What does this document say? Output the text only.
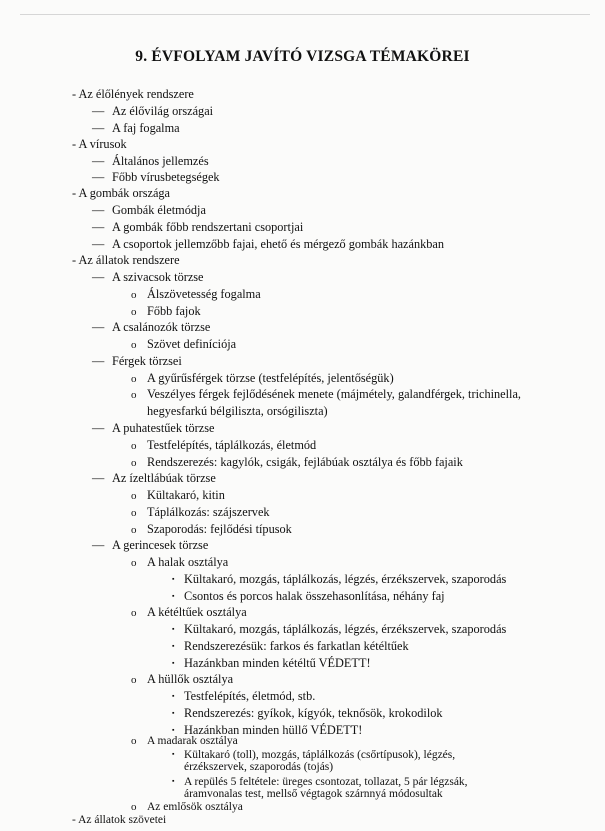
9. ÉVFOLYAM JAVÍTÓ VIZSGA TÉMAKÖREI
- Az élőlények rendszere
— Az élővilág országai
— A faj fogalma
- A vírusok
— Általános jellemzés
— Főbb vírusbetegségek
- A gombák országa
— Gombák életmódja
— A gombák főbb rendszertani csoportjai
— A csoportok jellemzőbb fajai, ehető és mérgező gombák hazánkban
- Az állatok rendszere
— A szivacsok törzse
o Álszövetesség fogalma
o Főbb fajok
— A csalánozók törzse
o Szövet definíciója
— Férgek törzsei
o A gyűrűsférgek törzse (testfelépítés, jelentőségük)
o Veszélyes férgek fejlődésének menete (májmétely, galandférgek, trichinella,
hegyesfarkú bélgiliszta, orsógiliszta)
— A puhatestűek törzse
o Testfelépítés, táplálkozás, életmód
o Rendszerezés: kagylók, csigák, fejlábúak osztálya és főbb fajaik
— Az ízeltlábúak törzse
o Kültakaró, kitin
o Táplálkozás: szájszervek
o Szaporodás: fejlődési típusok
— A gerincesek törzse
o A halak osztálya
▪ Kültakaró, mozgás, táplálkozás, légzés, érzékszervek, szaporodás
▪ Csontos és porcos halak összehasonlítása, néhány faj
o A kétéltűek osztálya
▪ Kültakaró, mozgás, táplálkozás, légzés, érzékszervek, szaporodás
▪ Rendszerezésük: farkos és farkatlan kétéltűek
▪ Hazánkban minden kétéltű VÉDETT!
o A hüllők osztálya
▪ Testfelépítés, életmód, stb.
▪ Rendszerezés: gyíkok, kígyók, teknősök, krokodilok
▪ Hazánkban minden hüllő VÉDETT!
o A madarak osztálya
▪ Kültakaró (toll), mozgás, táplálkozás (csőrtípusok), légzés,
érzékszervek, szaporodás (tojás)
▪ A repülés 5 feltétele: üreges csontozat, tollazat, 5 pár légzsák,
áramvonalas test, mellső végtagok szárnnyá módosultak
o Az emlősök osztálya
- Az állatok szövetei
